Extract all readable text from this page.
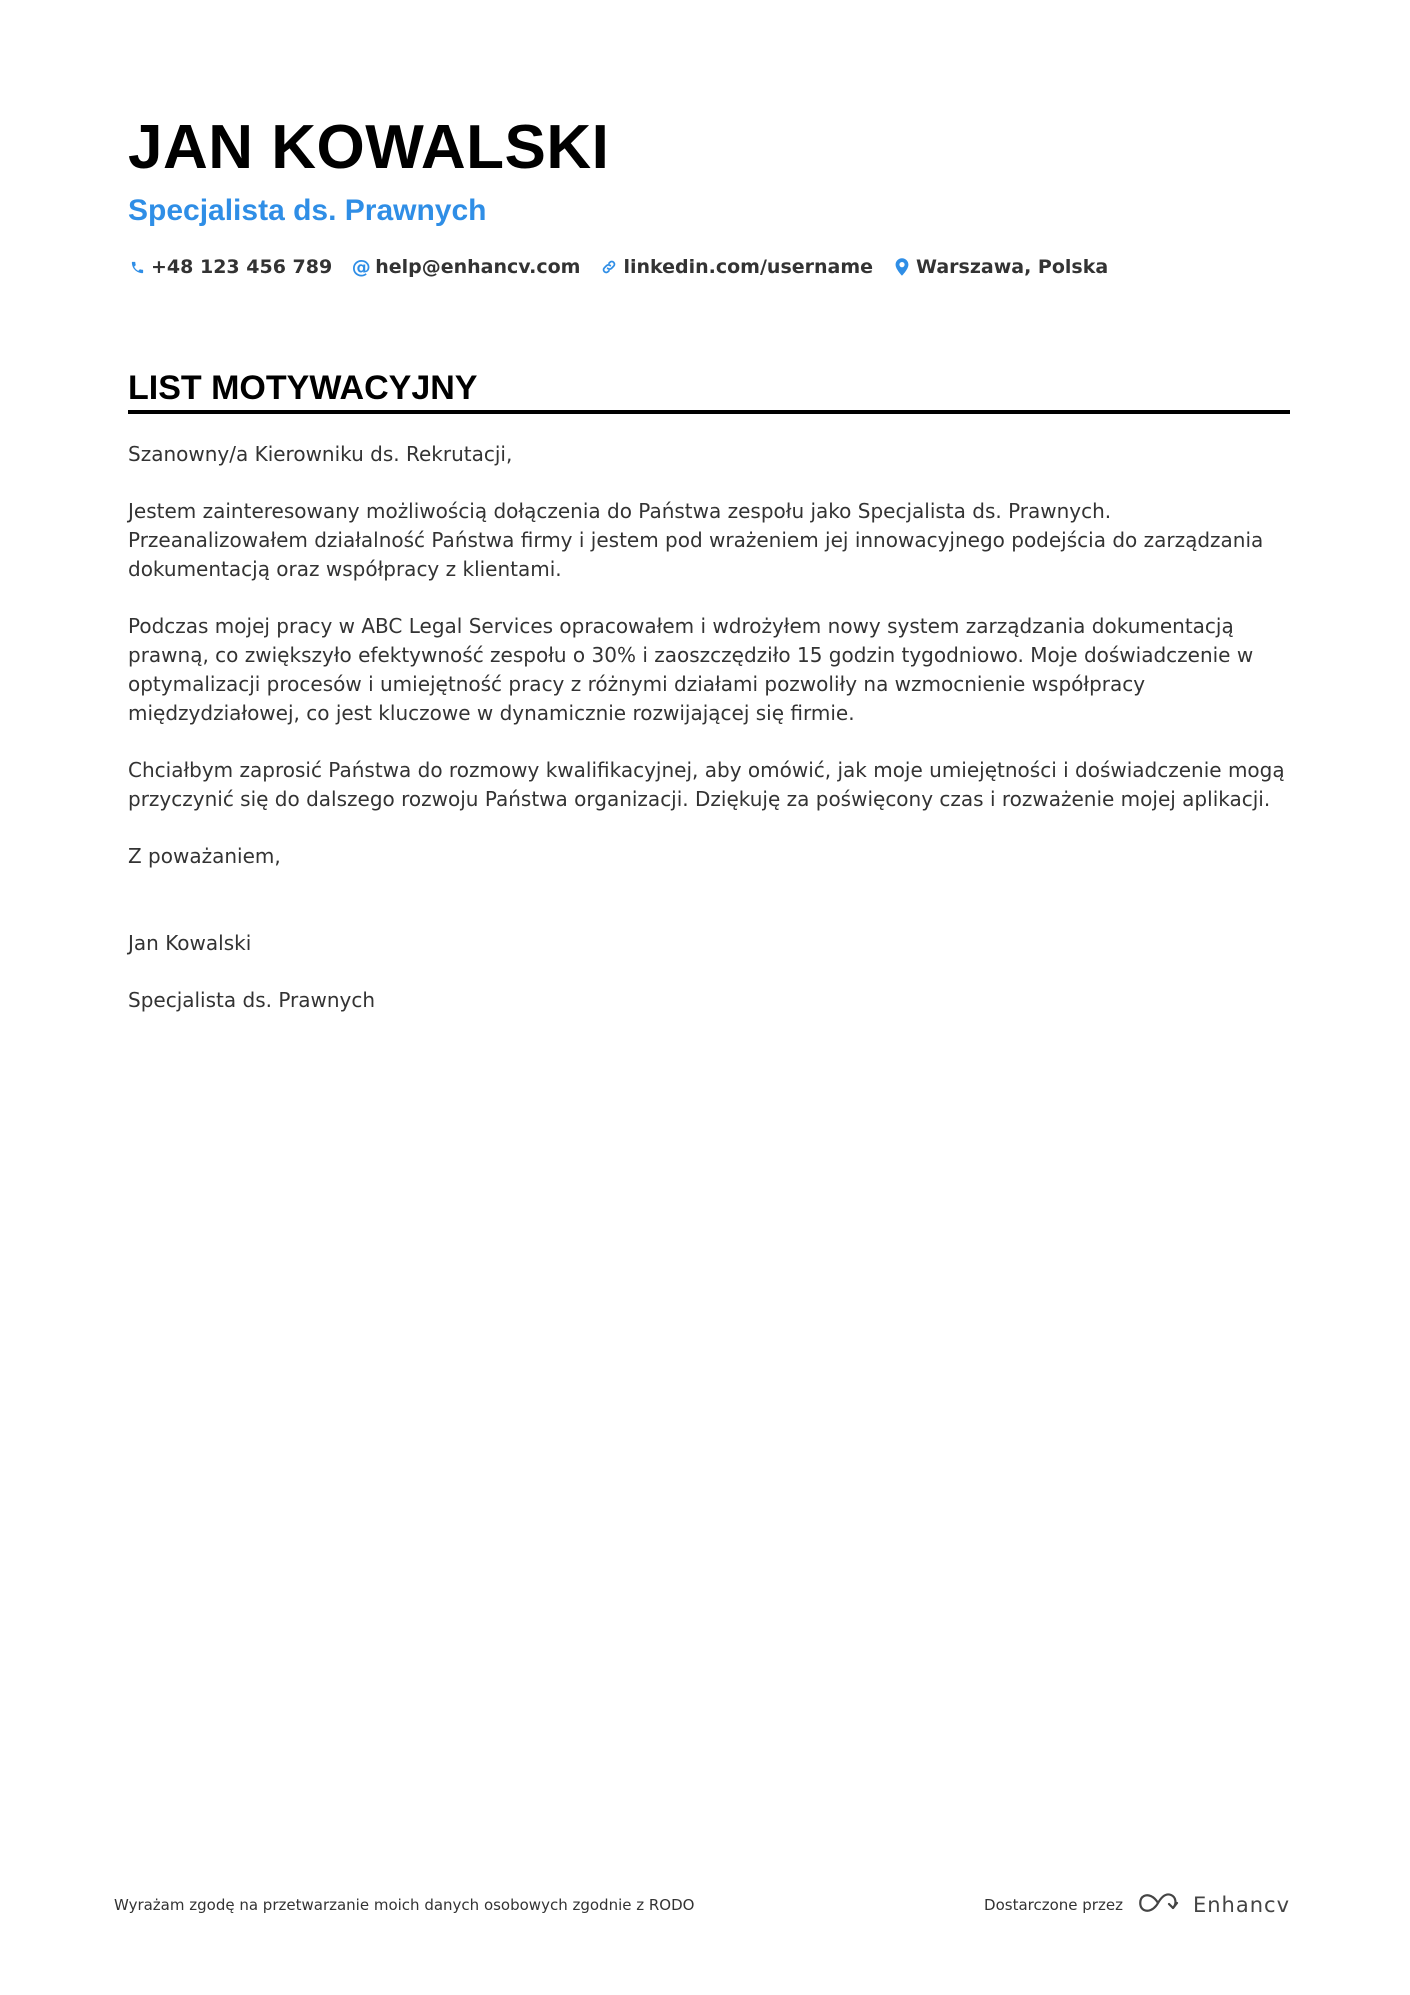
JAN KOWALSKI
Specjalista ds. Prawnych
+48 123 456 789 @ help@enhancv.com linkedin.com/username Warszawa, Polska
LIST MOTYWACYJNY

Szanowny/a Kierowniku ds. Rekrutacji,

Jestem zainteresowany możliwością dołączenia do Państwa zespołu jako Specjalista ds. Prawnych. Przeanalizowałem działalność Państwa firmy i jestem pod wrażeniem jej innowacyjnego podejścia do zarządzania dokumentacją oraz współpracy z klientami.

Podczas mojej pracy w ABC Legal Services opracowałem i wdrożyłem nowy system zarządzania dokumentacją prawną, co zwiększyło efektywność zespołu o 30% i zaoszczędziło 15 godzin tygodniowo. Moje doświadczenie w optymalizacji procesów i umiejętność pracy z różnymi działami pozwoliły na wzmocnienie współpracy międzydziałowej, co jest kluczowe w dynamicznie rozwijającej się firmie.

Chciałbym zaprosić Państwa do rozmowy kwalifikacyjnej, aby omówić, jak moje umiejętności i doświadczenie mogą przyczynić się do dalszego rozwoju Państwa organizacji. Dziękuję za poświęcony czas i rozważenie mojej aplikacji.

Z poważaniem,

Jan Kowalski

Specjalista ds. Prawnych

Wyrażam zgodę na przetwarzanie moich danych osobowych zgodnie z RODO	Dostarczone przez	Enhancv
